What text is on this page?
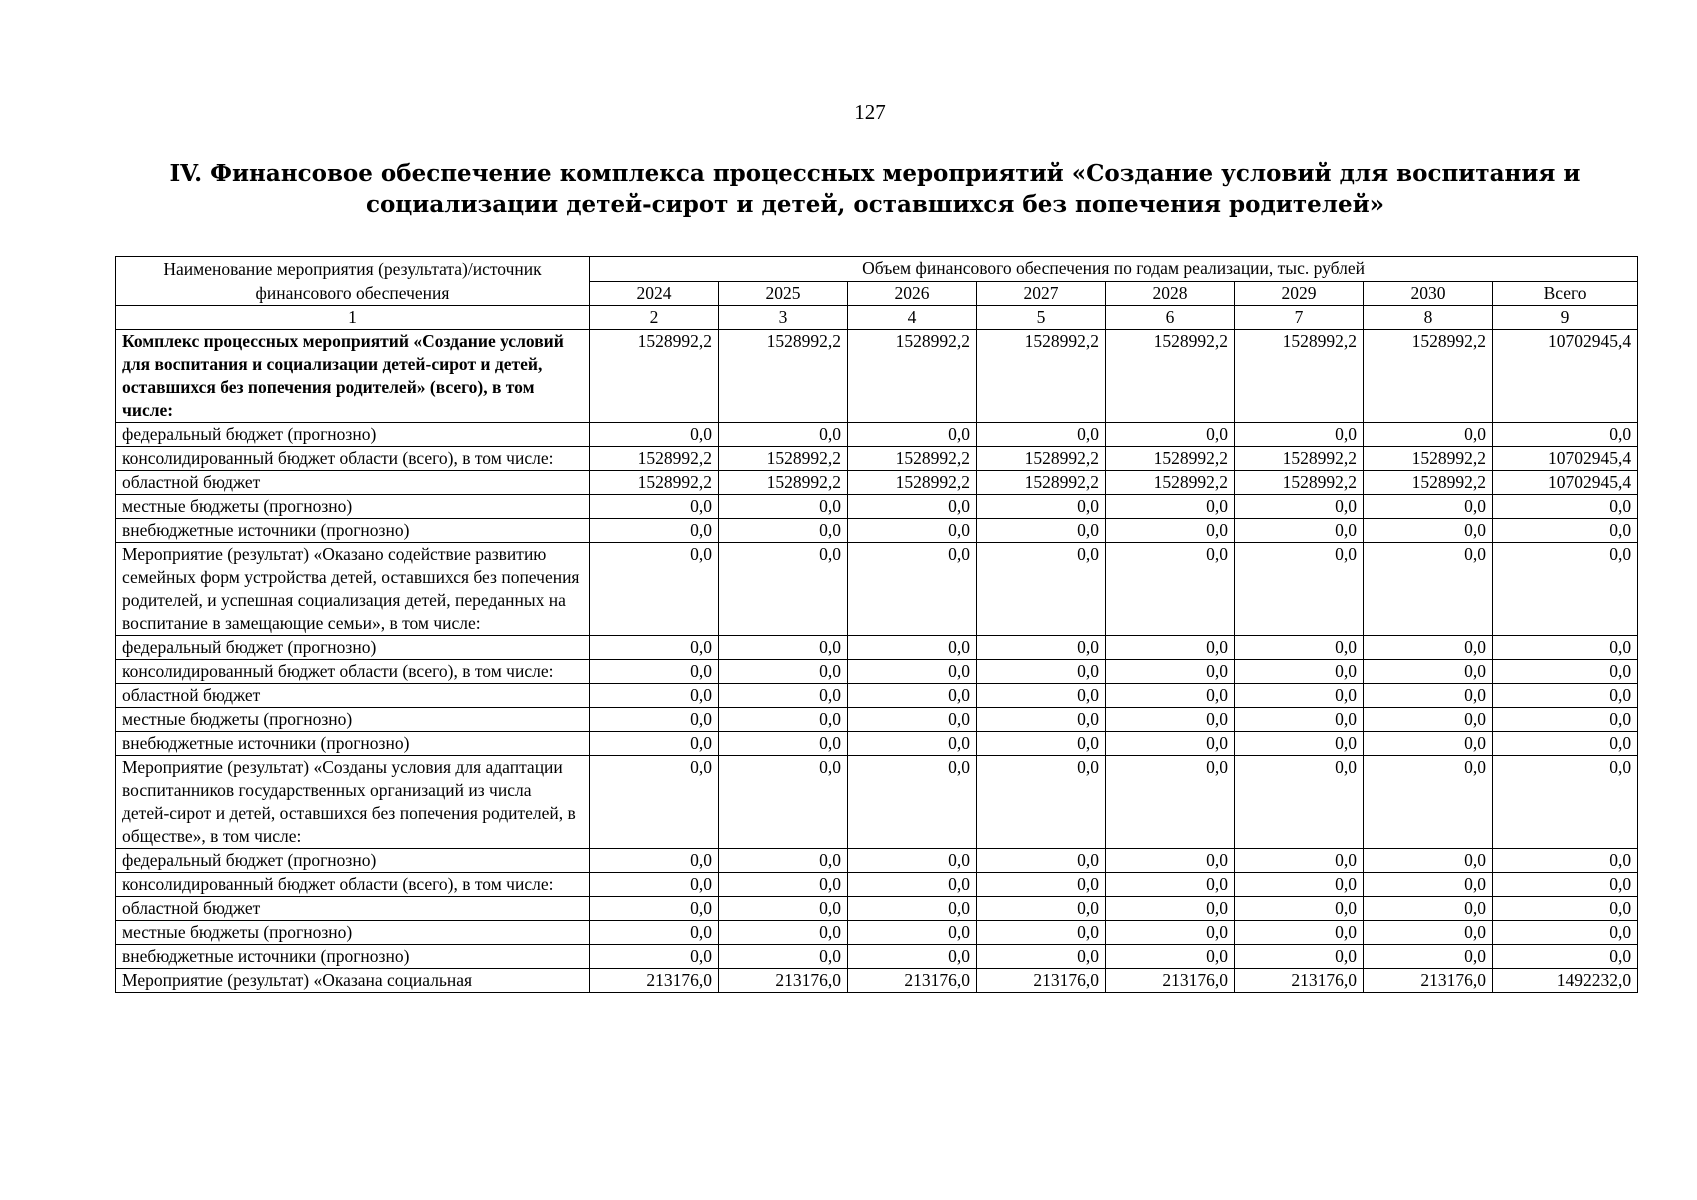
127
IV. Финансовое обеспечение комплекса процессных мероприятий «Создание условий для воспитания и
социализации детей-сирот и детей, оставшихся без попечения родителей»
Наименование мероприятия (результата)/источник финансового обеспечения	Объем финансового обеспечения по годам реализации, тыс. рублей							
	2024	2025	2026	2027	2028	2029	2030	Всего
1	2	3	4	5	6	7	8	9
Комплекс процессных мероприятий «Создание условий для воспитания и социализации детей-сирот и детей, оставшихся без попечения родителей» (всего), в том числе:	1528992,2	1528992,2	1528992,2	1528992,2	1528992,2	1528992,2	1528992,2	10702945,4
федеральный бюджет (прогнозно)	0,0	0,0	0,0	0,0	0,0	0,0	0,0	0,0
консолидированный бюджет области (всего), в том числе:	1528992,2	1528992,2	1528992,2	1528992,2	1528992,2	1528992,2	1528992,2	10702945,4
областной бюджет	1528992,2	1528992,2	1528992,2	1528992,2	1528992,2	1528992,2	1528992,2	10702945,4
местные бюджеты (прогнозно)	0,0	0,0	0,0	0,0	0,0	0,0	0,0	0,0
внебюджетные источники (прогнозно)	0,0	0,0	0,0	0,0	0,0	0,0	0,0	0,0
Мероприятие (результат) «Оказано содействие развитию семейных форм устройства детей, оставшихся без попечения родителей, и успешная социализация детей, переданных на воспитание в замещающие семьи», в том числе:	0,0	0,0	0,0	0,0	0,0	0,0	0,0	0,0
федеральный бюджет (прогнозно)	0,0	0,0	0,0	0,0	0,0	0,0	0,0	0,0
консолидированный бюджет области (всего), в том числе:	0,0	0,0	0,0	0,0	0,0	0,0	0,0	0,0
областной бюджет	0,0	0,0	0,0	0,0	0,0	0,0	0,0	0,0
местные бюджеты (прогнозно)	0,0	0,0	0,0	0,0	0,0	0,0	0,0	0,0
внебюджетные источники (прогнозно)	0,0	0,0	0,0	0,0	0,0	0,0	0,0	0,0
Мероприятие (результат) «Созданы условия для адаптации воспитанников государственных организаций из числа детей-сирот и детей, оставшихся без попечения родителей, в обществе», в том числе:	0,0	0,0	0,0	0,0	0,0	0,0	0,0	0,0
федеральный бюджет (прогнозно)	0,0	0,0	0,0	0,0	0,0	0,0	0,0	0,0
консолидированный бюджет области (всего), в том числе:	0,0	0,0	0,0	0,0	0,0	0,0	0,0	0,0
областной бюджет	0,0	0,0	0,0	0,0	0,0	0,0	0,0	0,0
местные бюджеты (прогнозно)	0,0	0,0	0,0	0,0	0,0	0,0	0,0	0,0
внебюджетные источники (прогнозно)	0,0	0,0	0,0	0,0	0,0	0,0	0,0	0,0
Мероприятие (результат) «Оказана социальная	213176,0	213176,0	213176,0	213176,0	213176,0	213176,0	213176,0	1492232,0
